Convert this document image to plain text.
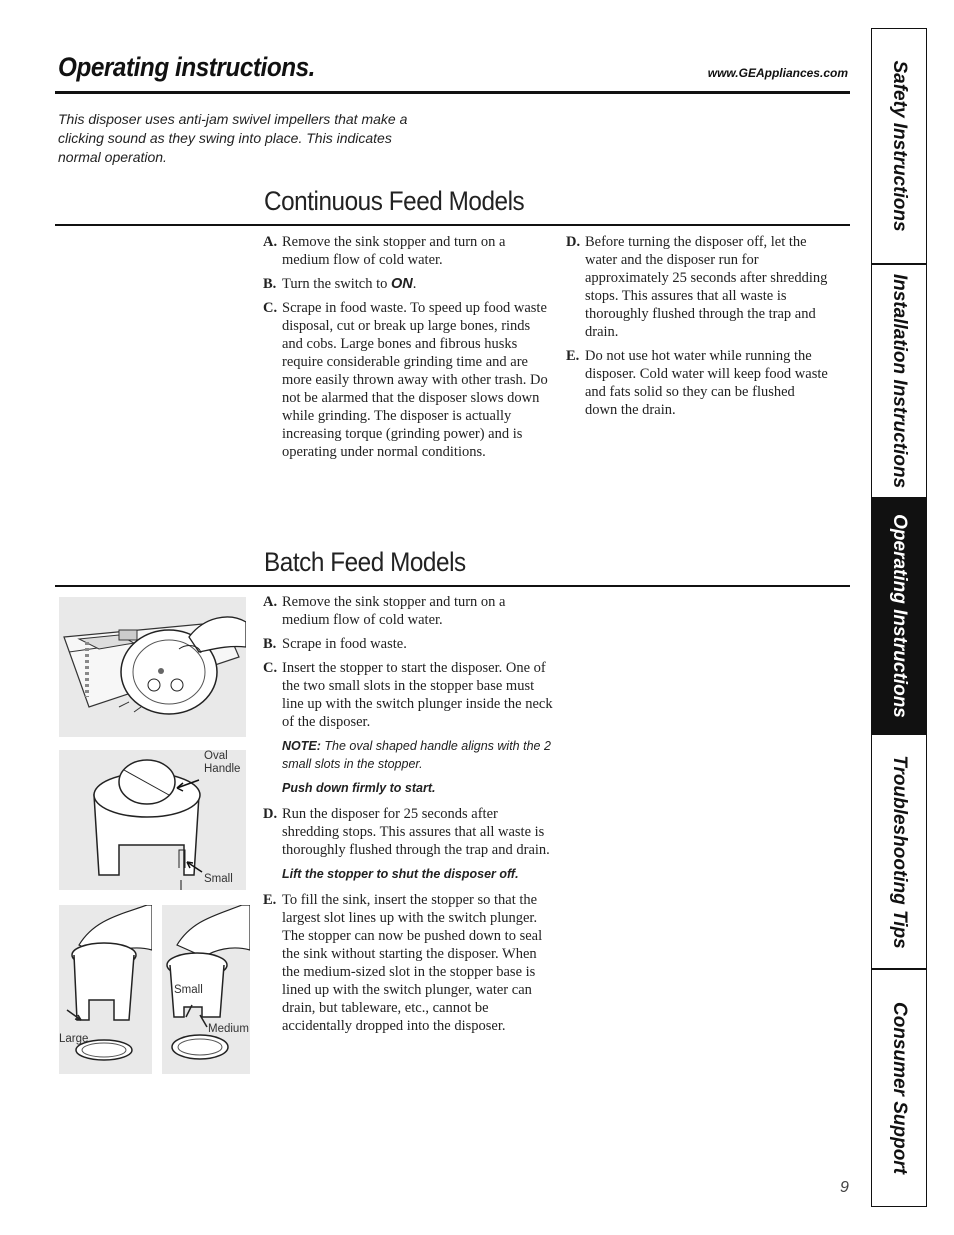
Operating instructions.	www.GEAppliances.com
This disposer uses anti-jam swivel impellers that make a clicking sound as they swing into place. This indicates normal operation.
Continuous Feed Models
A. Remove the sink stopper and turn on a medium flow of cold water.
B. Turn the switch to ON.
C. Scrape in food waste. To speed up food waste disposal, cut or break up large bones, rinds and cobs. Large bones and fibrous husks require considerable grinding time and are more easily thrown away with other trash. Do not be alarmed that the disposer slows down while grinding. The disposer is actually increasing torque (grinding power) and is operating under normal conditions.
D. Before turning the disposer off, let the water and the disposer run for approximately 25 seconds after shredding stops. This assures that all waste is thoroughly flushed through the trap and drain.
E. Do not use hot water while running the disposer. Cold water will keep food waste and fats solid so they can be flushed down the drain.
Batch Feed Models
A. Remove the sink stopper and turn on a medium flow of cold water.
B. Scrape in food waste.
C. Insert the stopper to start the disposer. One of the two small slots in the stopper base must line up with the switch plunger inside the neck of the disposer.
NOTE: The oval shaped handle aligns with the 2 small slots in the stopper.
Push down firmly to start.
D. Run the disposer for 25 seconds after shredding stops. This assures that all waste is thoroughly flushed through the trap and drain.
Lift the stopper to shut the disposer off.
E. To fill the sink, insert the stopper so that the largest slot lines up with the switch plunger. The stopper can now be pushed down to seal the sink without starting the disposer. When the medium-sized slot in the stopper base is lined up with the switch plunger, water can drain, but tableware, etc., cannot be accidentally dropped into the disposer.
Oval Handle
Small
Large
Small
Medium
Safety Instructions
Installation Instructions
Operating Instructions
Troubleshooting Tips
Consumer Support
9
